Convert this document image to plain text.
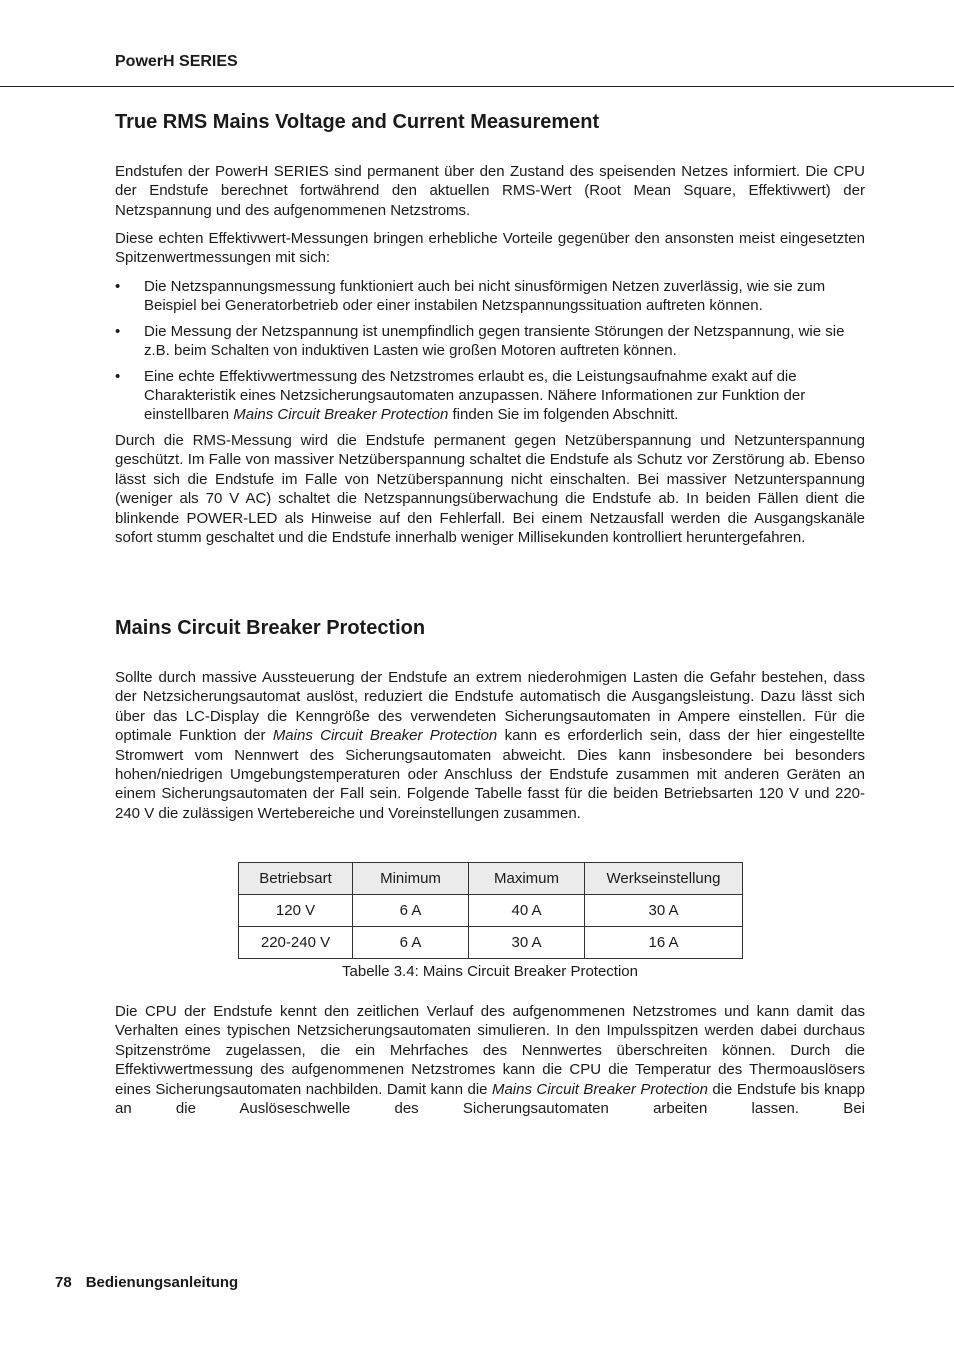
PowerH SERIES
True RMS Mains Voltage and Current Measurement

Endstufen der PowerH SERIES sind permanent über den Zustand des speisenden Netzes informiert. Die CPU der Endstufe berechnet fortwährend den aktuellen RMS-Wert (Root Mean Square, Effektivwert) der Netzspannung und des aufgenommenen Netzstroms.

Diese echten Effektivwert-Messungen bringen erhebliche Vorteile gegenüber den ansonsten meist eingesetzten Spitzenwertmessungen mit sich:

• Die Netzspannungsmessung funktioniert auch bei nicht sinusförmigen Netzen zuverlässig, wie sie zum Beispiel bei Generatorbetrieb oder einer instabilen Netzspannungssituation auftreten können.
• Die Messung der Netzspannung ist unempfindlich gegen transiente Störungen der Netzspannung, wie sie z.B. beim Schalten von induktiven Lasten wie großen Motoren auftreten können.
• Eine echte Effektivwertmessung des Netzstromes erlaubt es, die Leistungsaufnahme exakt auf die Charakteristik eines Netzsicherungsautomaten anzupassen. Nähere Informationen zur Funktion der einstellbaren Mains Circuit Breaker Protection finden Sie im folgenden Abschnitt.

Durch die RMS-Messung wird die Endstufe permanent gegen Netzüberspannung und Netzunterspannung geschützt. Im Falle von massiver Netzüberspannung schaltet die Endstufe als Schutz vor Zerstörung ab. Ebenso lässt sich die Endstufe im Falle von Netzüberspannung nicht einschalten. Bei massiver Netzunterspannung (weniger als 70 V AC) schaltet die Netzspannungsüberwachung die Endstufe ab. In beiden Fällen dient die blinkende POWER-LED als Hinweise auf den Fehlerfall. Bei einem Netzausfall werden die Ausgangskanäle sofort stumm geschaltet und die Endstufe innerhalb weniger Millisekunden kontrolliert heruntergefahren.

Mains Circuit Breaker Protection

Sollte durch massive Aussteuerung der Endstufe an extrem niederohmigen Lasten die Gefahr bestehen, dass der Netzsicherungsautomat auslöst, reduziert die Endstufe automatisch die Ausgangsleistung. Dazu lässt sich über das LC-Display die Kenngröße des verwendeten Sicherungsautomaten in Ampere einstellen. Für die optimale Funktion der Mains Circuit Breaker Protection kann es erforderlich sein, dass der hier eingestellte Stromwert vom Nennwert des Sicherungsautomaten abweicht. Dies kann insbesondere bei besonders hohen/niedrigen Umgebungstemperaturen oder Anschluss der Endstufe zusammen mit anderen Geräten an einem Sicherungsautomaten der Fall sein. Folgende Tabelle fasst für die beiden Betriebsarten 120 V und 220-240 V die zulässigen Wertebereiche und Voreinstellungen zusammen.

Betriebsart	Minimum	Maximum	Werkseinstellung
120 V	6 A	40 A	30 A
220-240 V	6 A	30 A	16 A
Tabelle 3.4: Mains Circuit Breaker Protection

Die CPU der Endstufe kennt den zeitlichen Verlauf des aufgenommenen Netzstromes und kann damit das Verhalten eines typischen Netzsicherungsautomaten simulieren. In den Impulsspitzen werden dabei durchaus Spitzenströme zugelassen, die ein Mehrfaches des Nennwertes überschreiten können. Durch die Effektivwertmessung des aufgenommenen Netzstromes kann die CPU die Temperatur des Thermoauslösers eines Sicherungsautomaten nachbilden. Damit kann die Mains Circuit Breaker Protection die Endstufe bis knapp an die Auslöseschwelle des Sicherungsautomaten arbeiten lassen. Bei

78 Bedienungsanleitung
